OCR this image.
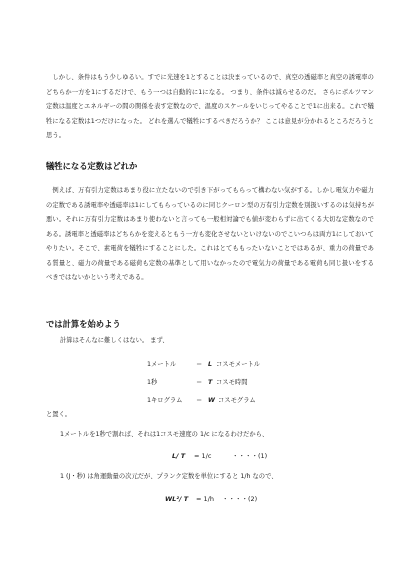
　しかし、条件はもう少しゆるい。すでに光速を1とすることは決まっているので、真空の透磁率と真空の誘電率のどちらか一方を1にするだけで、もう一つは自動的に1になる。 つまり、条件は減らせるのだ。 さらにボルツマン定数は温度とエネルギーの間の関係を表す定数なので、温度のスケールをいじってやることで1に出来る。これで犠牲になる定数は1つだけになった。 どれを選んで犠牲にするべきだろうか？ ここは意見が分かれるところだろうと思う。

犠牲になる定数はどれか

　例えば、万有引力定数はあまり役に立たないので引き下がってもらって構わない気がする。しかし電気力や磁力の定数である誘電率や透磁率は1にしてもらっているのに同じクーロン型の万有引力定数を別扱いするのは気持ちが悪い。それに万有引力定数はあまり使わないと言っても一般相対論でも値が変わらずに出てくる大切な定数なのである。誘電率と透磁率はどちらかを変えるともう一方も変化させないといけないのでこいつらは両方1にしておいてやりたい。そこで、素電荷を犠牲にすることにした。これはとてももったいないことではあるが、重力の荷量である質量と、磁力の荷量である磁荷も定数の基準として用いなかったので電気力の荷量である電荷も同じ扱いをするべきではないかという考えである。

では計算を始めよう
計算はそんなに難しくはない。 まず、
1メートル	＝ L コスモメートル
1秒	＝ T コスモ時間
1キログラム ＝ W コスモグラム
と置く。
1メートルを1秒で割れば、それは1コスモ速度の 1/c になるわけだから、
L/ T = 1/c	・・・・(1)
1 (J・秒) は角運動量の次元だが、プランク定数を単位にすると 1/h なので、
WL²/ T = 1/h ・・・・(2)
